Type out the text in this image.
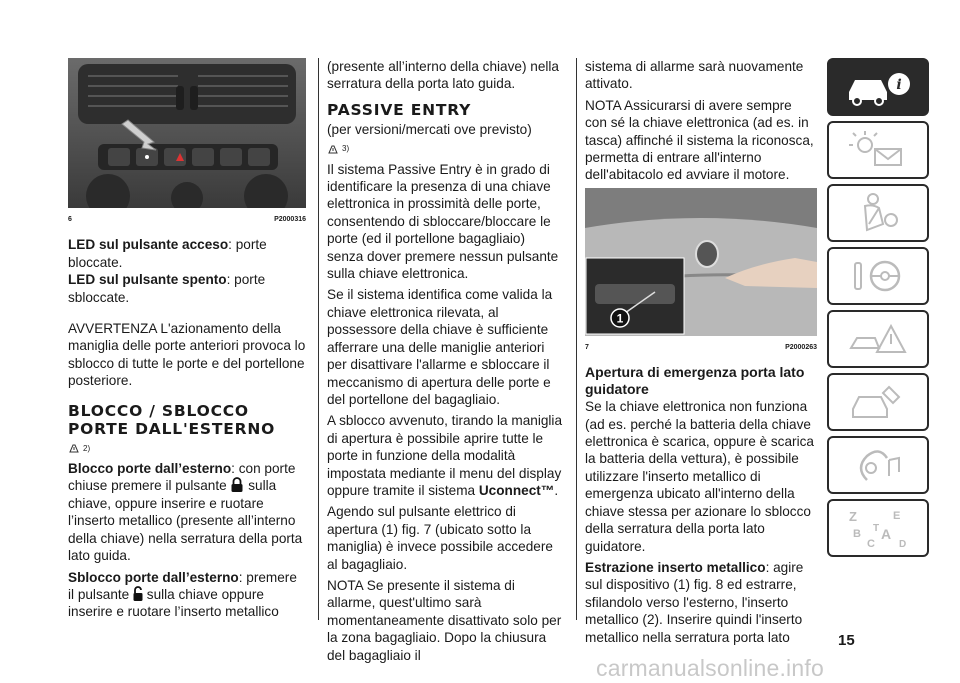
6	P2000316

LED sul pulsante acceso: porte bloccate.

LED sul pulsante spento: porte sbloccate.

AVVERTENZA L'azionamento della maniglia delle porte anteriori provoca lo sblocco di tutte le porte e del portellone posteriore.

BLOCCO / SBLOCCO PORTE DALL'ESTERNO
2)

Blocco porte dall’esterno: con porte chiuse premere il pulsante  sulla chiave, oppure inserire e ruotare l’inserto metallico (presente all’interno della chiave) nella serratura della porta lato guida.

Sblocco porte dall’esterno: premere il pulsante  sulla chiave oppure inserire e ruotare l’inserto metallico

(presente all’interno della chiave) nella serratura della porta lato guida.

PASSIVE ENTRY

(per versioni/mercati ove previsto)

3)

Il sistema Passive Entry è in grado di identificare la presenza di una chiave elettronica in prossimità delle porte, consentendo di sbloccare/bloccare le porte (ed il portellone bagagliaio) senza dover premere nessun pulsante sulla chiave elettronica.

Se il sistema identifica come valida la chiave elettronica rilevata, al possessore della chiave è sufficiente afferrare una delle maniglie anteriori per disattivare l'allarme e sbloccare il meccanismo di apertura delle porte e del portellone del bagagliaio.

A sblocco avvenuto, tirando la maniglia di apertura è possibile aprire tutte le porte in funzione della modalità impostata mediante il menu del display oppure tramite il sistema Uconnect™.

Agendo sul pulsante elettrico di apertura (1) fig. 7 (ubicato sotto la maniglia) è invece possibile accedere al bagagliaio.

NOTA Se presente il sistema di allarme, quest'ultimo sarà momentaneamente disattivato solo per la zona bagagliaio. Dopo la chiusura del bagagliaio il

sistema di allarme sarà nuovamente attivato.

NOTA Assicurarsi di avere sempre con sé la chiave elettronica (ad es. in tasca) affinché il sistema la riconosca, permetta di entrare all'interno dell'abitacolo ed avviare il motore.

1
7	P2000263
Apertura di emergenza porta lato guidatore

Se la chiave elettronica non funziona (ad es. perché la batteria della chiave elettronica è scarica, oppure è scarica la batteria della vettura), è possibile utilizzare l'inserto metallico di emergenza ubicato all'interno della chiave stessa per azionare lo sblocco della serratura della porta lato guidatore.

Estrazione inserto metallico: agire sul dispositivo (1) fig. 8 ed estrarre, sfilandolo verso l'esterno, l'inserto metallico (2). Inserire quindi l'inserto metallico nella serratura porta lato

i
Z	E
B A
C
T
D
15
carmanualsonline.info
